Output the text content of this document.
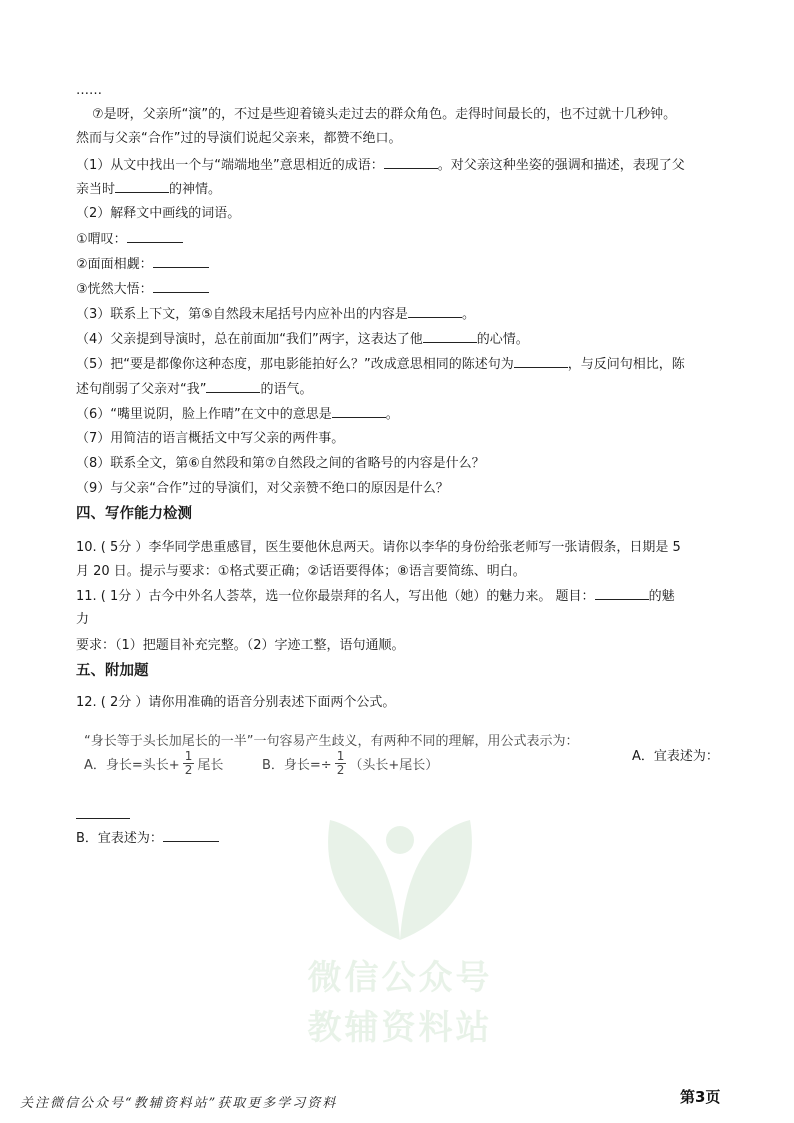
微信公众号
教辅资料站
……
⑦是呀，父亲所“演”的，不过是些迎着镜头走过去的群众角色。走得时间最长的，也不过就十几秒钟。
然而与父亲“合作”过的导演们说起父亲来，都赞不绝口。
（1）从文中找出一个与“端端地坐”意思相近的成语：	。对父亲这种坐姿的强调和描述，表现了父
亲当时	的神情。
（2）解释文中画线的词语。
①喟叹：
②面面相觑：
③恍然大悟：
（3）联系上下文，第⑤自然段末尾括号内应补出的内容是	。
（4）父亲提到导演时，总在前面加“我们”两字，这表达了他	的心情。
（5）把“要是都像你这种态度，那电影能拍好么？”改成意思相同的陈述句为	，与反问句相比，陈
述句削弱了父亲对“我”	的语气。
（6）“嘴里说阴，脸上作晴”在文中的意思是	。
（7）用简洁的语言概括文中写父亲的两件事。
（8）联系全文，第⑥自然段和第⑦自然段之间的省略号的内容是什么？
（9）与父亲“合作”过的导演们，对父亲赞不绝口的原因是什么？
四、写作能力检测
10. ( 5分 ）李华同学患重感冒，医生要他休息两天。请你以李华的身份给张老师写一张请假条，日期是 5
月 20 日。提示与要求：①格式要正确；②话语要得体；⑧语言要简练、明白。
11. ( 1分 ）古今中外名人荟萃，选一位你最崇拜的名人，写出他（她）的魅力来。 题目：	的魅
力
要求：（1）把题目补充完整。（2）字迹工整，语句通顺。
五、附加题
12. ( 2分 ）请你用准确的语音分别表述下面两个公式。
“身长等于头长加尾长的一半”一句容易产生歧义，有两种不同的理解，用公式表示为：
A．身长=头长+ $\frac{1}{2}$ 尾长	B．身长=÷ $\frac{1}{2}$ （头长+尾长）
A．宜表述为：
B．宜表述为：
关注微信公众号“教辅资料站”获取更多学习资料	第3页
